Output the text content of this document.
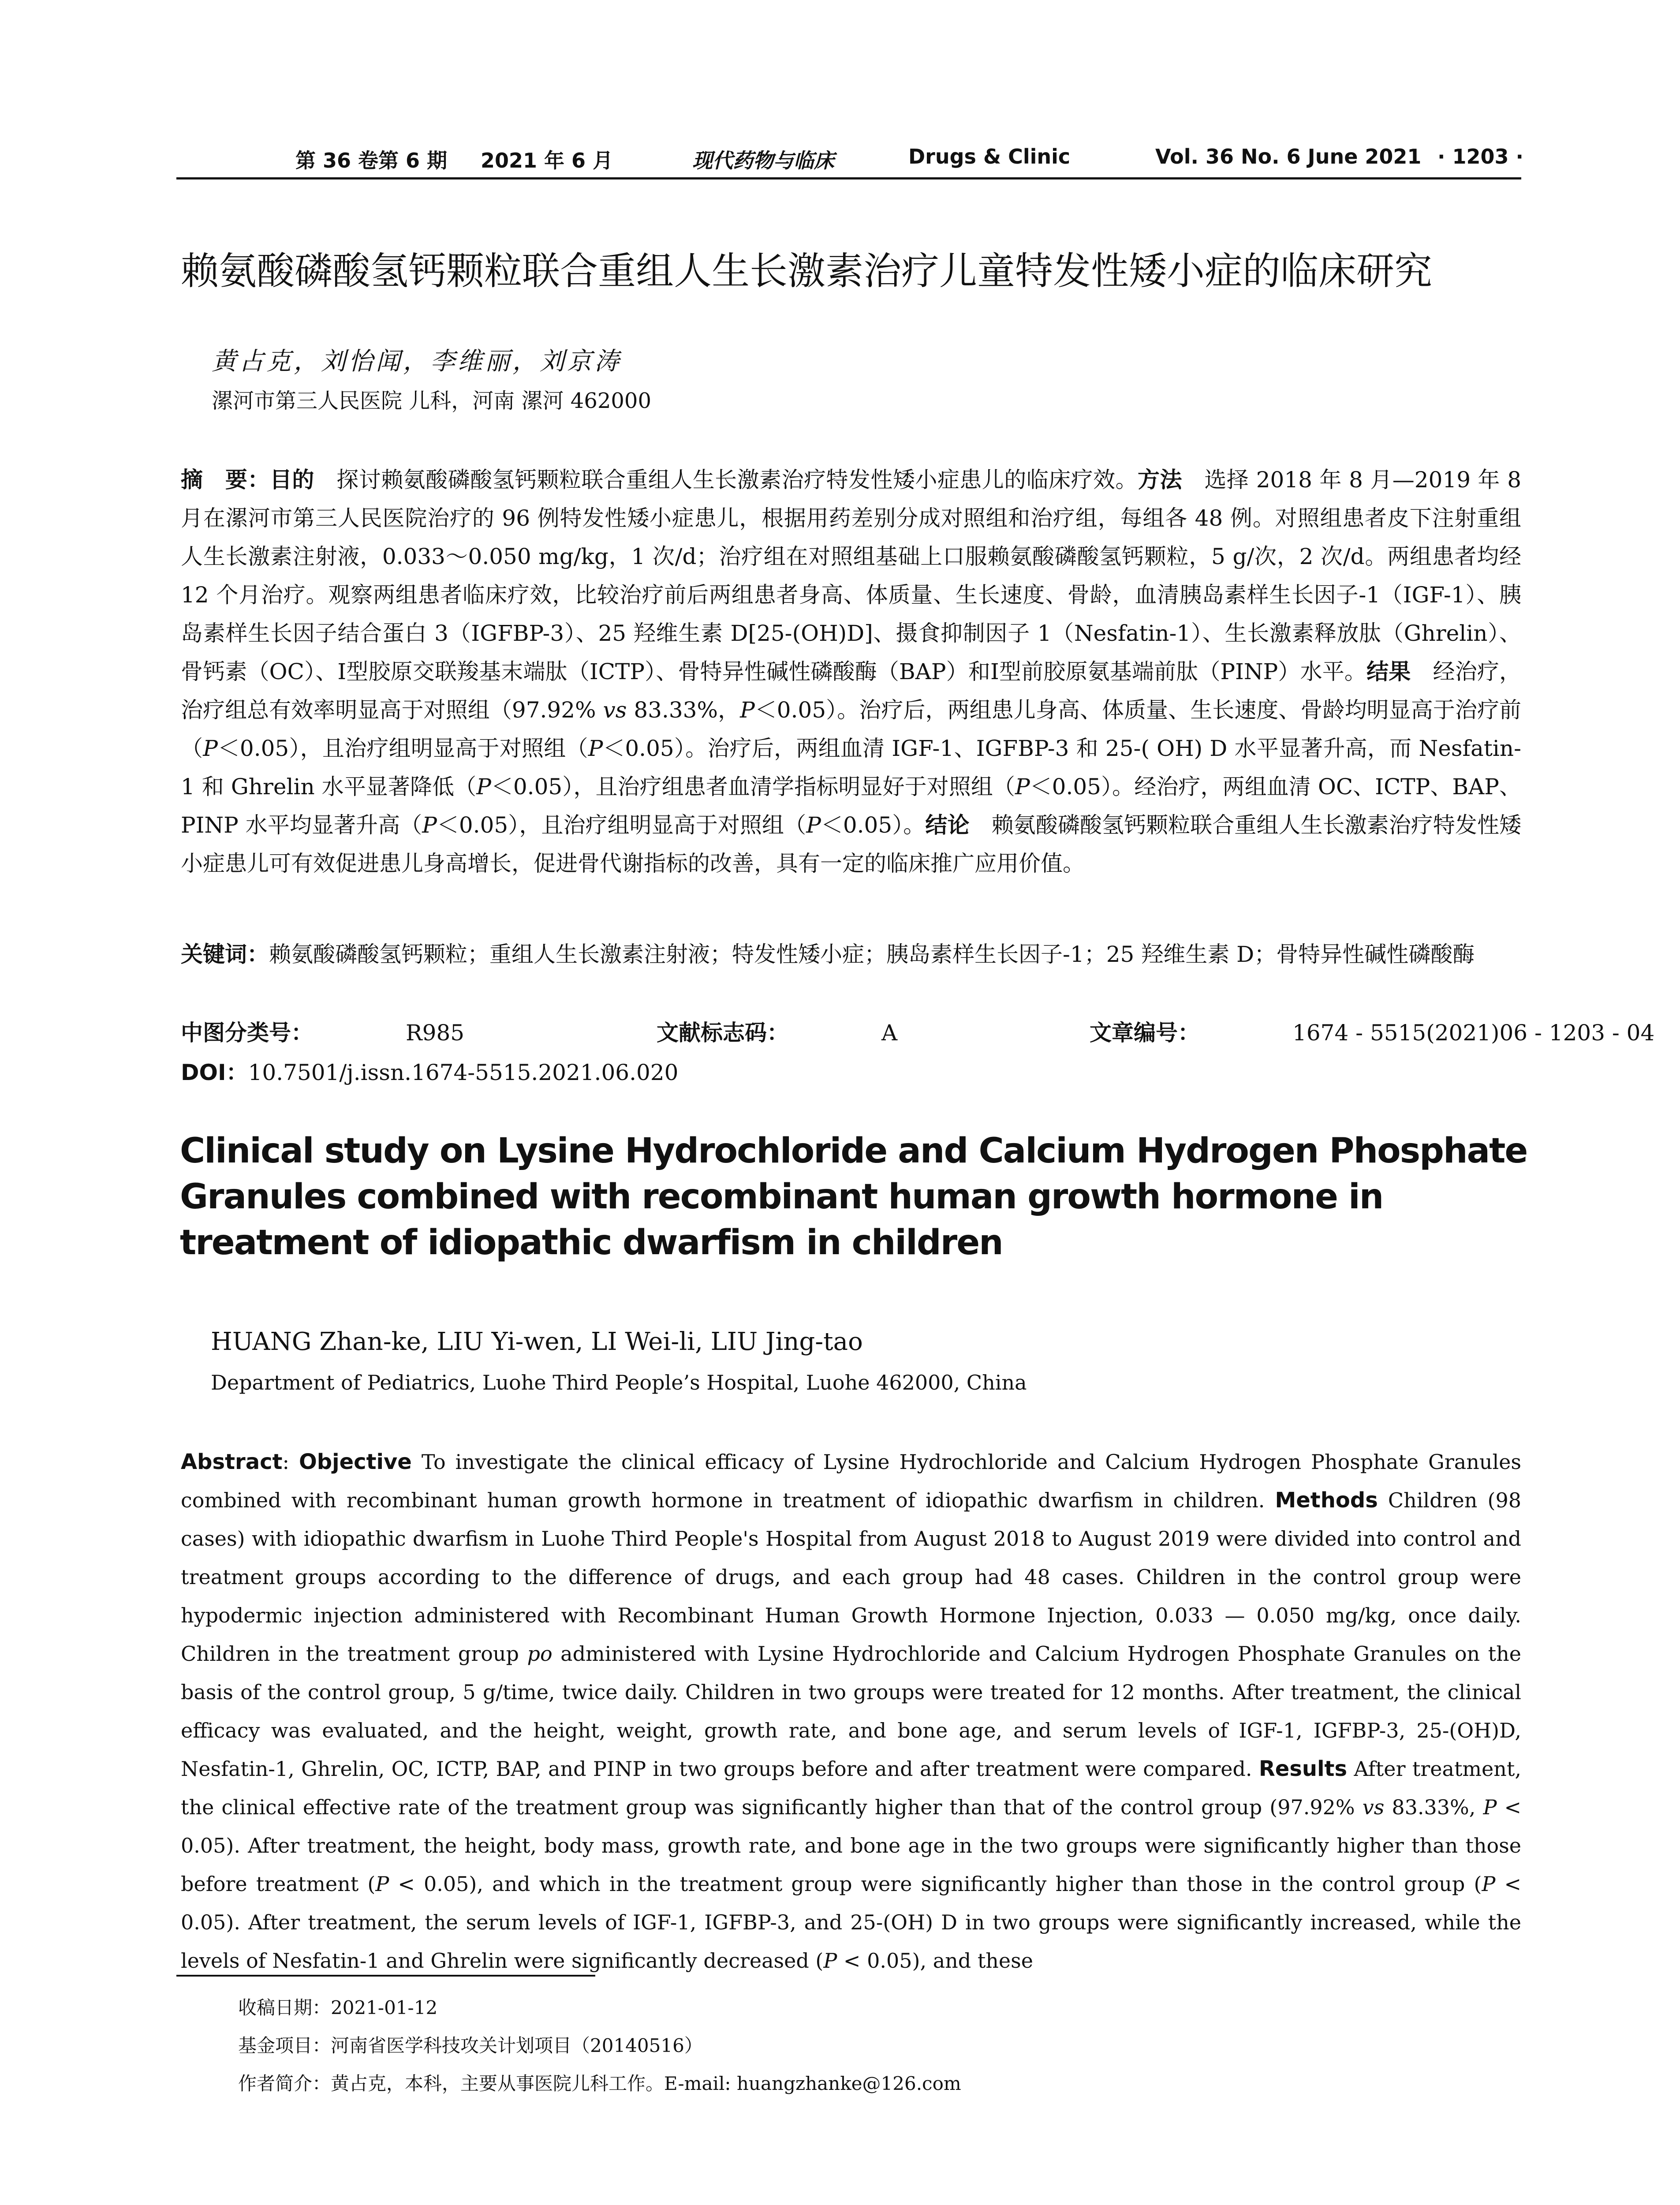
第 36 卷第 6 期 2021 年 6 月	现代药物与临床	Drugs & Clinic	Vol. 36 No. 6 June 2021 · 1203 ·
赖氨酸磷酸氢钙颗粒联合重组人生长激素治疗儿童特发性矮小症的临床研究
黄占克，刘怡闻，李维丽，刘京涛
漯河市第三人民医院 儿科，河南 漯河 462000
摘　要：目的　探讨赖氨酸磷酸氢钙颗粒联合重组人生长激素治疗特发性矮小症患儿的临床疗效。方法　选择 2018 年 8 月—2019 年 8 月在漯河市第三人民医院治疗的 96 例特发性矮小症患儿，根据用药差别分成对照组和治疗组，每组各 48 例。对照组患者皮下注射重组人生长激素注射液，0.033～0.050 mg/kg，1 次/d；治疗组在对照组基础上口服赖氨酸磷酸氢钙颗粒，5 g/次，2 次/d。两组患者均经 12 个月治疗。观察两组患者临床疗效，比较治疗前后两组患者身高、体质量、生长速度、骨龄，血清胰岛素样生长因子-1（IGF-1）、胰岛素样生长因子结合蛋白 3（IGFBP-3）、25 羟维生素 D[25-(OH)D]、摄食抑制因子 1（Nesfatin-1）、生长激素释放肽（Ghrelin）、骨钙素（OC）、Ⅰ型胶原交联羧基末端肽（ICTP）、骨特异性碱性磷酸酶（BAP）和Ⅰ型前胶原氨基端前肽（PINP）水平。结果　经治疗，治疗组总有效率明显高于对照组（97.92% vs 83.33%，P＜0.05）。治疗后，两组患儿身高、体质量、生长速度、骨龄均明显高于治疗前（P＜0.05），且治疗组明显高于对照组（P＜0.05）。治疗后，两组血清 IGF-1、IGFBP-3 和 25-( OH) D 水平显著升高，而 Nesfatin-1 和 Ghrelin 水平显著降低（P＜0.05），且治疗组患者血清学指标明显好于对照组（P＜0.05）。经治疗，两组血清 OC、ICTP、BAP、PINP 水平均显著升高（P＜0.05），且治疗组明显高于对照组（P＜0.05）。结论　赖氨酸磷酸氢钙颗粒联合重组人生长激素治疗特发性矮小症患儿可有效促进患儿身高增长，促进骨代谢指标的改善，具有一定的临床推广应用价值。
关键词：赖氨酸磷酸氢钙颗粒；重组人生长激素注射液；特发性矮小症；胰岛素样生长因子-1；25 羟维生素 D；骨特异性碱性磷酸酶
中图分类号：	R985	文献标志码：	A	文章编号：	1674 - 5515(2021)06 - 1203 - 04
DOI：10.7501/j.issn.1674-5515.2021.06.020
Clinical study on Lysine Hydrochloride and Calcium Hydrogen Phosphate Granules combined with recombinant human growth hormone in treatment of idiopathic dwarfism in children
HUANG Zhan-ke, LIU Yi-wen, LI Wei-li, LIU Jing-tao
Department of Pediatrics, Luohe Third People’s Hospital, Luohe 462000, China
Abstract: Objective To investigate the clinical efficacy of Lysine Hydrochloride and Calcium Hydrogen Phosphate Granules combined with recombinant human growth hormone in treatment of idiopathic dwarfism in children. Methods Children (98 cases) with idiopathic dwarfism in Luohe Third People's Hospital from August 2018 to August 2019 were divided into control and treatment groups according to the difference of drugs, and each group had 48 cases. Children in the control group were hypodermic injection administered with Recombinant Human Growth Hormone Injection, 0.033 — 0.050 mg/kg, once daily. Children in the treatment group po administered with Lysine Hydrochloride and Calcium Hydrogen Phosphate Granules on the basis of the control group, 5 g/time, twice daily. Children in two groups were treated for 12 months. After treatment, the clinical efficacy was evaluated, and the height, weight, growth rate, and bone age, and serum levels of IGF-1, IGFBP-3, 25-(OH)D, Nesfatin-1, Ghrelin, OC, ICTP, BAP, and PINP in two groups before and after treatment were compared. Results After treatment, the clinical effective rate of the treatment group was significantly higher than that of the control group (97.92% vs 83.33%, P < 0.05). After treatment, the height, body mass, growth rate, and bone age in the two groups were significantly higher than those before treatment (P < 0.05), and which in the treatment group were significantly higher than those in the control group (P < 0.05). After treatment, the serum levels of IGF-1, IGFBP-3, and 25-(OH) D in two groups were significantly increased, while the levels of Nesfatin-1 and Ghrelin were significantly decreased (P < 0.05), and these
收稿日期：2021-01-12
基金项目：河南省医学科技攻关计划项目（20140516）
作者简介：黄占克，本科，主要从事医院儿科工作。E-mail: huangzhanke@126.com
